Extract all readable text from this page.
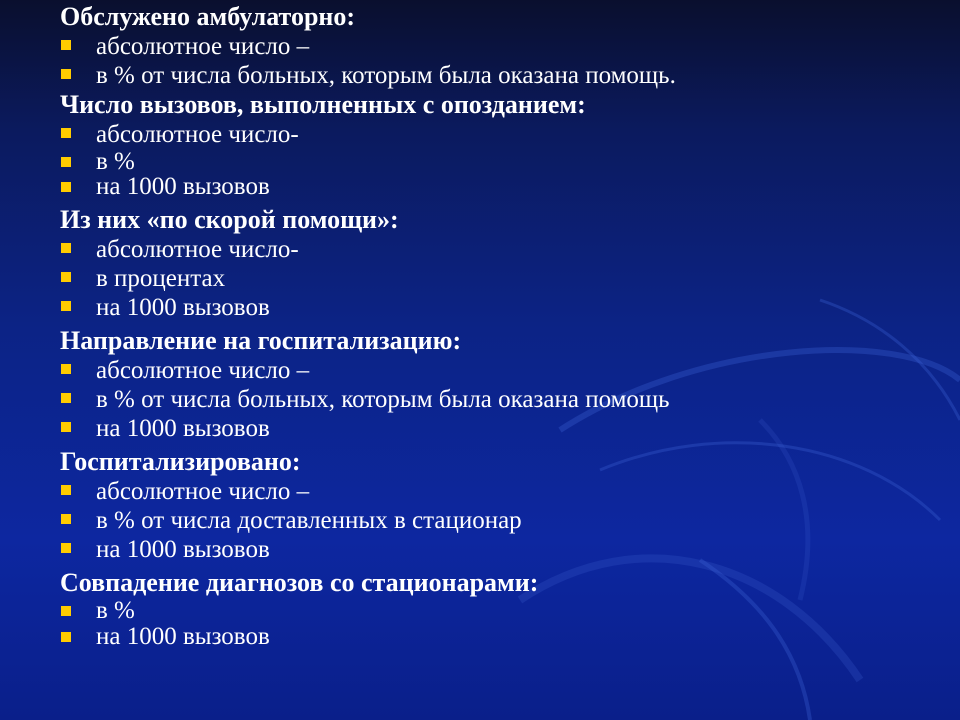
Обслужено амбулаторно:

абсолютное число –
в % от числа больных, которым была оказана помощь.

Число вызовов, выполненных с опозданием:

абсолютное число-
в %
на 1000 вызовов

Из них «по скорой помощи»:

абсолютное число-
в процентах
на 1000 вызовов

Направление на госпитализацию:

абсолютное число –
в % от числа больных, которым была оказана помощь
на 1000 вызовов

Госпитализировано:

абсолютное число –
в % от числа доставленных в стационар
на 1000 вызовов

Совпадение диагнозов со стационарами:

в %
на 1000 вызовов
